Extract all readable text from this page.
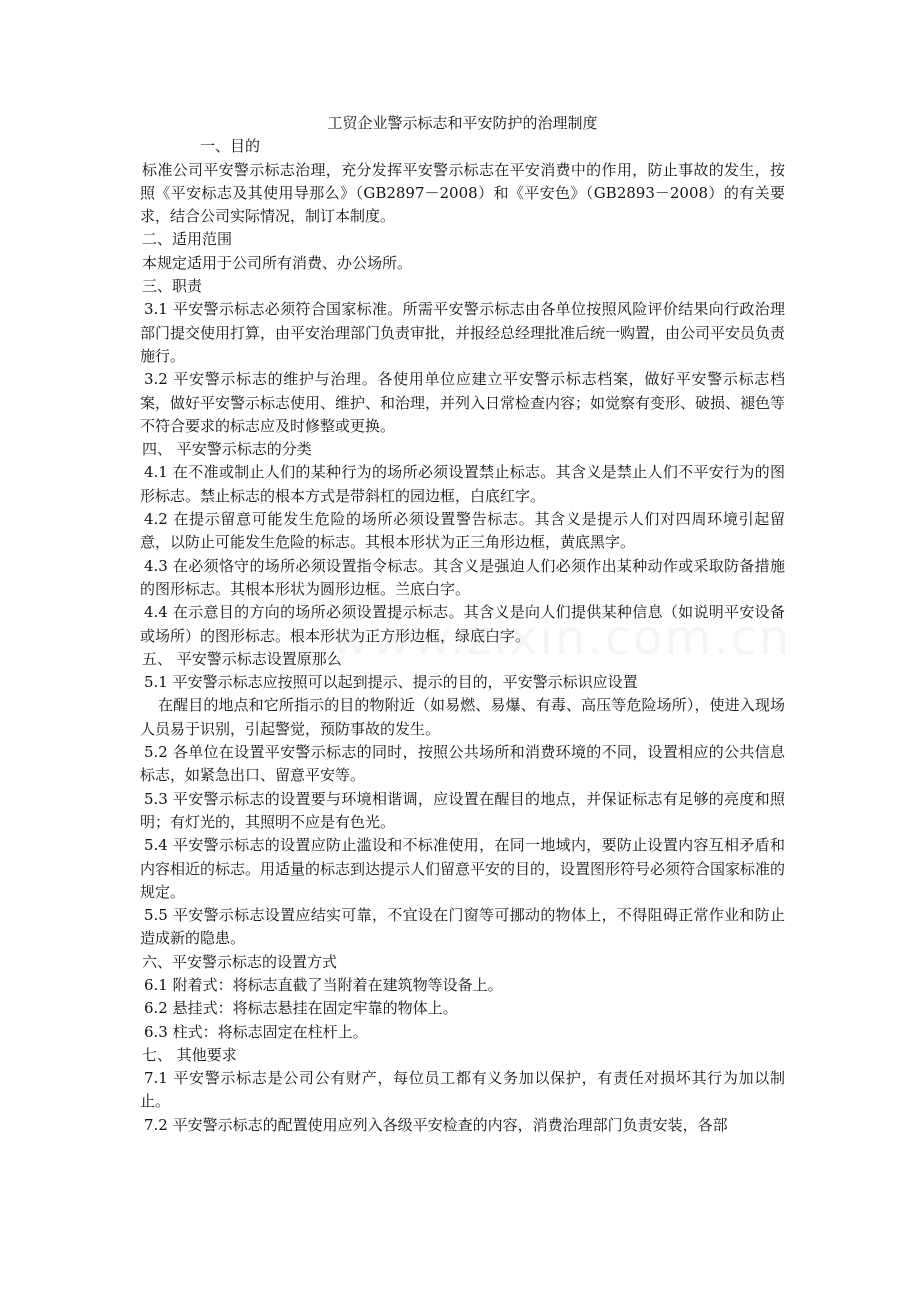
工贸企业警示标志和平安防护的治理制度

一、目的

标准公司平安警示标志治理，充分发挥平安警示标志在平安消费中的作用，防止事故的发生，按照《平安标志及其使用导那么》（GB2897－2008）和《平安色》（GB2893－2008）的有关要求，结合公司实际情况，制订本制度。

二、适用范围

本规定适用于公司所有消费、办公场所。

三、职责

3.1 平安警示标志必须符合国家标准。所需平安警示标志由各单位按照风险评价结果向行政治理部门提交使用打算，由平安治理部门负责审批，并报经总经理批准后统一购置，由公司平安员负责施行。

3.2 平安警示标志的维护与治理。各使用单位应建立平安警示标志档案，做好平安警示标志档案，做好平安警示标志使用、维护、和治理，并列入日常检查内容；如觉察有变形、破损、褪色等不符合要求的标志应及时修整或更换。

四、 平安警示标志的分类

4.1 在不准或制止人们的某种行为的场所必须设置禁止标志。其含义是禁止人们不平安行为的图形标志。禁止标志的根本方式是带斜杠的园边框，白底红字。

4.2 在提示留意可能发生危险的场所必须设置警告标志。其含义是提示人们对四周环境引起留意，以防止可能发生危险的标志。其根本形状为正三角形边框，黄底黑字。

4.3 在必须恪守的场所必须设置指令标志。其含义是强迫人们必须作出某种动作或采取防备措施的图形标志。其根本形状为圆形边框。兰底白字。

4.4 在示意目的方向的场所必须设置提示标志。其含义是向人们提供某种信息（如说明平安设备或场所）的图形标志。根本形状为正方形边框，绿底白字。

五、 平安警示标志设置原那么

5.1 平安警示标志应按照可以起到提示、提示的目的，平安警示标识应设置

在醒目的地点和它所指示的目的物附近（如易燃、易爆、有毒、高压等危险场所），使进入现场人员易于识别，引起警觉，预防事故的发生。

5.2 各单位在设置平安警示标志的同时，按照公共场所和消费环境的不同，设置相应的公共信息标志，如紧急出口、留意平安等。

5.3 平安警示标志的设置要与环境相谐调，应设置在醒目的地点，并保证标志有足够的亮度和照明；有灯光的，其照明不应是有色光。

5.4 平安警示标志的设置应防止滥设和不标准使用，在同一地域内，要防止设置内容互相矛盾和内容相近的标志。用适量的标志到达提示人们留意平安的目的，设置图形符号必须符合国家标准的规定。

5.5 平安警示标志设置应结实可靠，不宜设在门窗等可挪动的物体上，不得阻碍正常作业和防止造成新的隐患。

六、平安警示标志的设置方式

6.1 附着式：将标志直截了当附着在建筑物等设备上。

6.2 悬挂式：将标志悬挂在固定牢靠的物体上。

6.3 柱式：将标志固定在柱杆上。

七、 其他要求

7.1 平安警示标志是公司公有财产，每位员工都有义务加以保护，有责任对损坏其行为加以制止。

7.2 平安警示标志的配置使用应列入各级平安检查的内容，消费治理部门负责安装，各部
